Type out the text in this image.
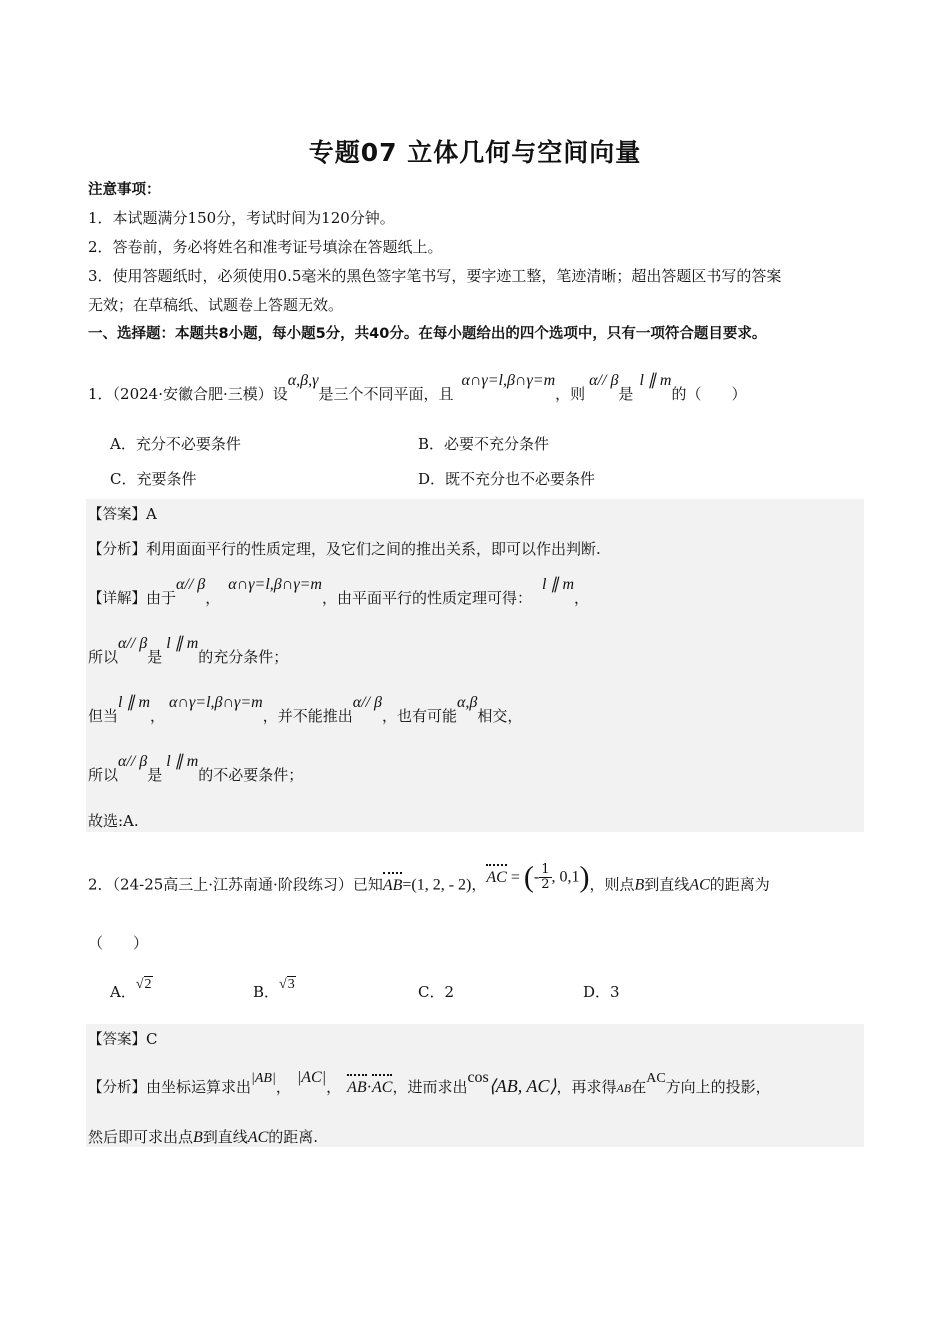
专题07 立体几何与空间向量
注意事项：
1．本试题满分150分，考试时间为120分钟。
2．答卷前，务必将姓名和准考证号填涂在答题纸上。
3．使用答题纸时，必须使用0.5毫米的黑色签字笔书写，要字迹工整，笔迹清晰；超出答题区书写的答案
无效；在草稿纸、试题卷上答题无效。
一、选择题：本题共8小题，每小题5分，共40分。在每小题给出的四个选项中，只有一项符合题目要求。
1．（2024·安徽合肥·三模）设α,β,γ是三个不同平面，且α∩γ=l,β∩γ=m，则α// β是l ∥ m的（　　）
A．充分不必要条件	B．必要不充分条件
C．充要条件	D．既不充分也不必要条件
【答案】A
【分析】利用面面平行的性质定理，及它们之间的推出关系，即可以作出判断.
【详解】由于α// β，α∩γ=l,β∩γ=m，由平面平行的性质定理可得：l ∥ m，
所以α// β是l ∥ m的充分条件；
但当l ∥ m，α∩γ=l,β∩γ=m，并不能推出α// β，也有可能α,β相交，
所以α// β是l ∥ m的不必要条件；
故选:A.
2．（24-25高三上·江苏南通·阶段练习）已知AB=(1, 2, - 2)，AC = (- $\frac{1}{2}$ , 0,1)，则点B到直线AC的距离为
（　　）
A．√2	B．√3	C．2	D．3
【答案】C
【分析】由坐标运算求出|AB|，|AC|， AB·AC，进而求出cos⟨AB, AC⟩，再求得AB在AC方向上的投影，
然后即可求出点B到直线AC的距离.
